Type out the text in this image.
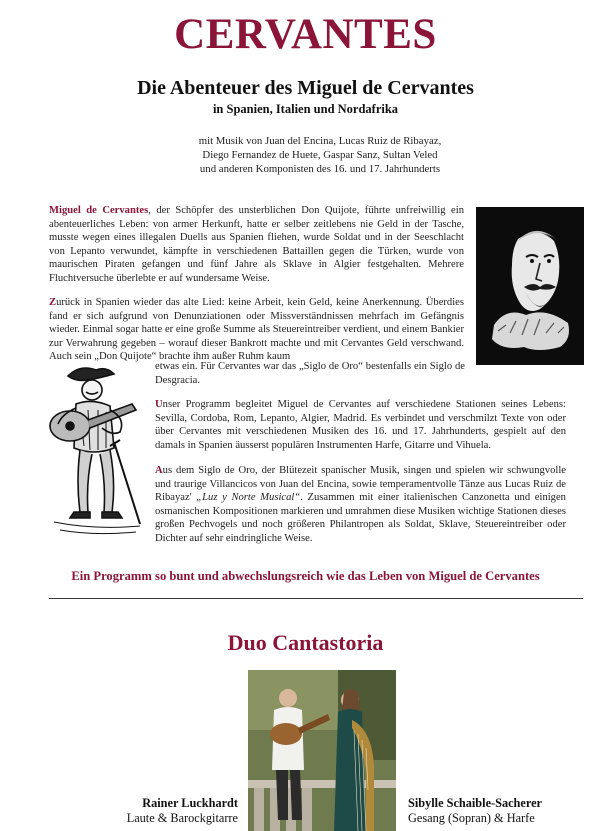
CERVANTES
Die Abenteuer des Miguel de Cervantes
in Spanien, Italien und Nordafrika
mit Musik von Juan del Encina, Lucas Ruiz de Ribayaz,
Diego Fernandez de Huete, Gaspar Sanz, Sultan Veled
und anderen Komponisten des 16. und 17. Jahrhunderts
Miguel de Cervantes, der Schöpfer des unsterblichen Don Quijote, führte unfreiwillig ein abenteuerliches Leben: von armer Herkunft, hatte er selber zeitlebens nie Geld in der Tasche, musste wegen eines illegalen Duells aus Spanien fliehen, wurde Soldat und in der Seeschlacht von Lepanto verwundet, kämpfte in verschiedenen Battaillen gegen die Türken, wurde von maurischen Piraten gefangen und fünf Jahre als Sklave in Algier festgehalten. Mehrere Fluchtversuche überlebte er auf wundersame Weise.
Zurück in Spanien wieder das alte Lied: keine Arbeit, kein Geld, keine Anerkennung. Überdies fand er sich aufgrund von Denunziationen oder Missverständnissen mehrfach im Gefängnis wieder. Einmal sogar hatte er eine große Summe als Steuereintreiber verdient, und einem Bankier zur Verwahrung gegeben – worauf dieser Bankrott machte und mit Cervantes Geld verschwand. Auch sein „Don Quijote“ brachte ihm außer Ruhm kaum
etwas ein. Für Cervantes war das „Siglo de Oro“ bestenfalls ein Siglo de Desgracia.
Unser Programm begleitet Miguel de Cervantes auf verschiedene Stationen seines Lebens: Sevilla, Cordoba, Rom, Lepanto, Algier, Madrid. Es verbindet und verschmilzt Texte von oder über Cervantes mit verschiedenen Musiken des 16. und 17. Jahrhunderts, gespielt auf den damals in Spanien äusserst populären Instrumenten Harfe, Gitarre und Vihuela.
Aus dem Siglo de Oro, der Blütezeit spanischer Musik, singen und spielen wir schwungvolle und traurige Villancicos von Juan del Encina, sowie temperamentvolle Tänze aus Lucas Ruiz de Ribayaz' „Luz y Norte Musical“. Zusammen mit einer italienischen Canzonetta und einigen osmanischen Kompositionen markieren und umrahmen diese Musiken wichtige Stationen dieses großen Pechvogels und noch größeren Philantropen als Soldat, Sklave, Steuereintreiber oder Dichter auf sehr eindringliche Weise.
Ein Programm so bunt und abwechslungsreich wie das Leben von Miguel de Cervantes
Duo Cantastoria
Rainer Luckhardt
Laute & Barockgitarre
Sibylle Schaible-Sacherer
Gesang (Sopran) & Harfe
